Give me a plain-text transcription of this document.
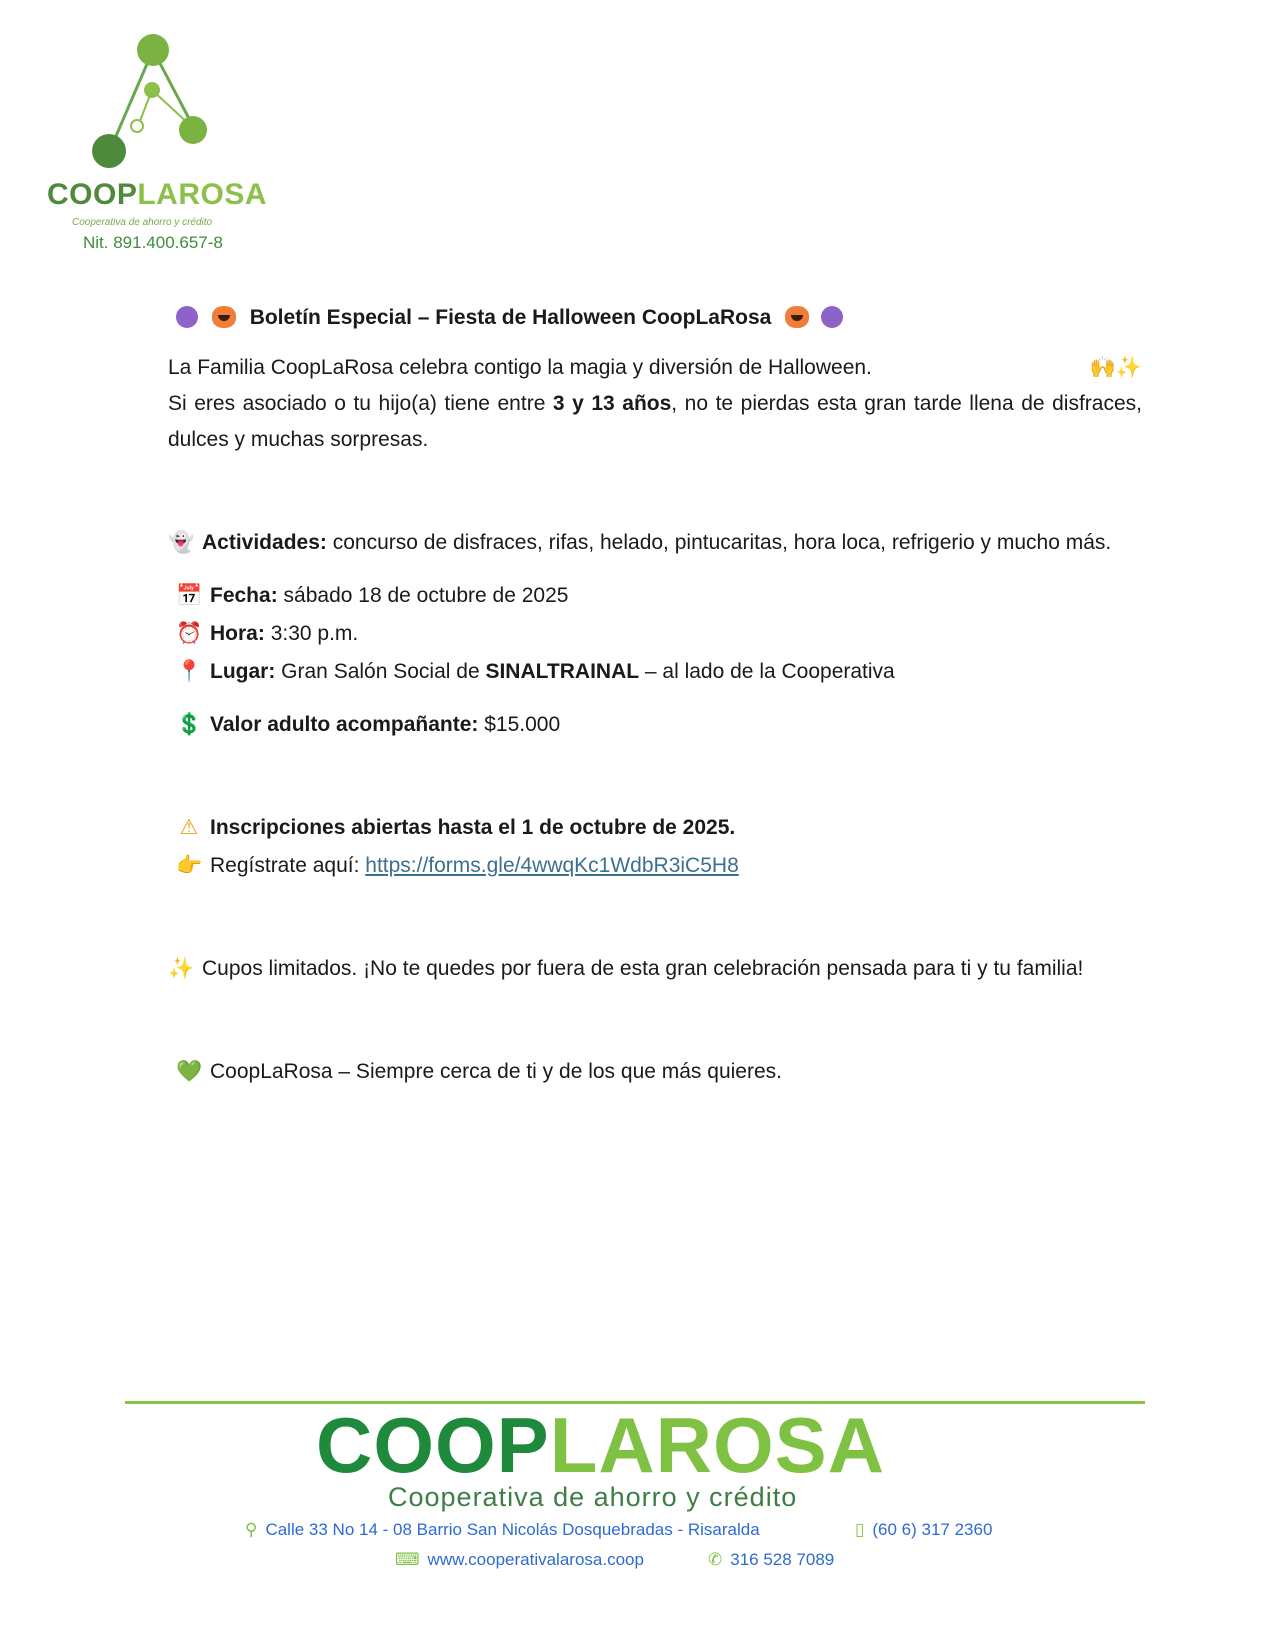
COOPLAROSA
Cooperativa de ahorro y crédito
Nit. 891.400.657-8

Boletín Especial – Fiesta de Halloween CoopLaRosa

La Familia CoopLaRosa celebra contigo la magia y diversión de Halloween.	🙌✨

Si eres asociado o tu hijo(a) tiene entre 3 y 13 años, no te pierdas esta gran tarde llena de disfraces, dulces y muchas sorpresas.

👻 Actividades: concurso de disfraces, rifas, helado, pintucaritas, hora loca, refrigerio y mucho más.

📅 Fecha: sábado 18 de octubre de 2025

⏰ Hora: 3:30 p.m.

📍 Lugar: Gran Salón Social de SINALTRAINAL – al lado de la Cooperativa

💲 Valor adulto acompañante: $15.000

⚠ Inscripciones abiertas hasta el 1 de octubre de 2025.

👉 Regístrate aquí: https://forms.gle/4wwqKc1WdbR3iC5H8

✨ Cupos limitados. ¡No te quedes por fuera de esta gran celebración pensada para ti y tu familia!

💚 CoopLaRosa – Siempre cerca de ti y de los que más quieres.

COOPLAROSA
Cooperativa de ahorro y crédito
⚲ Calle 33 No 14 - 08 Barrio San Nicolás Dosquebradas - Risaralda	▯ (60 6) 317 2360
⌨ www.cooperativalarosa.coop	✆ 316 528 7089
